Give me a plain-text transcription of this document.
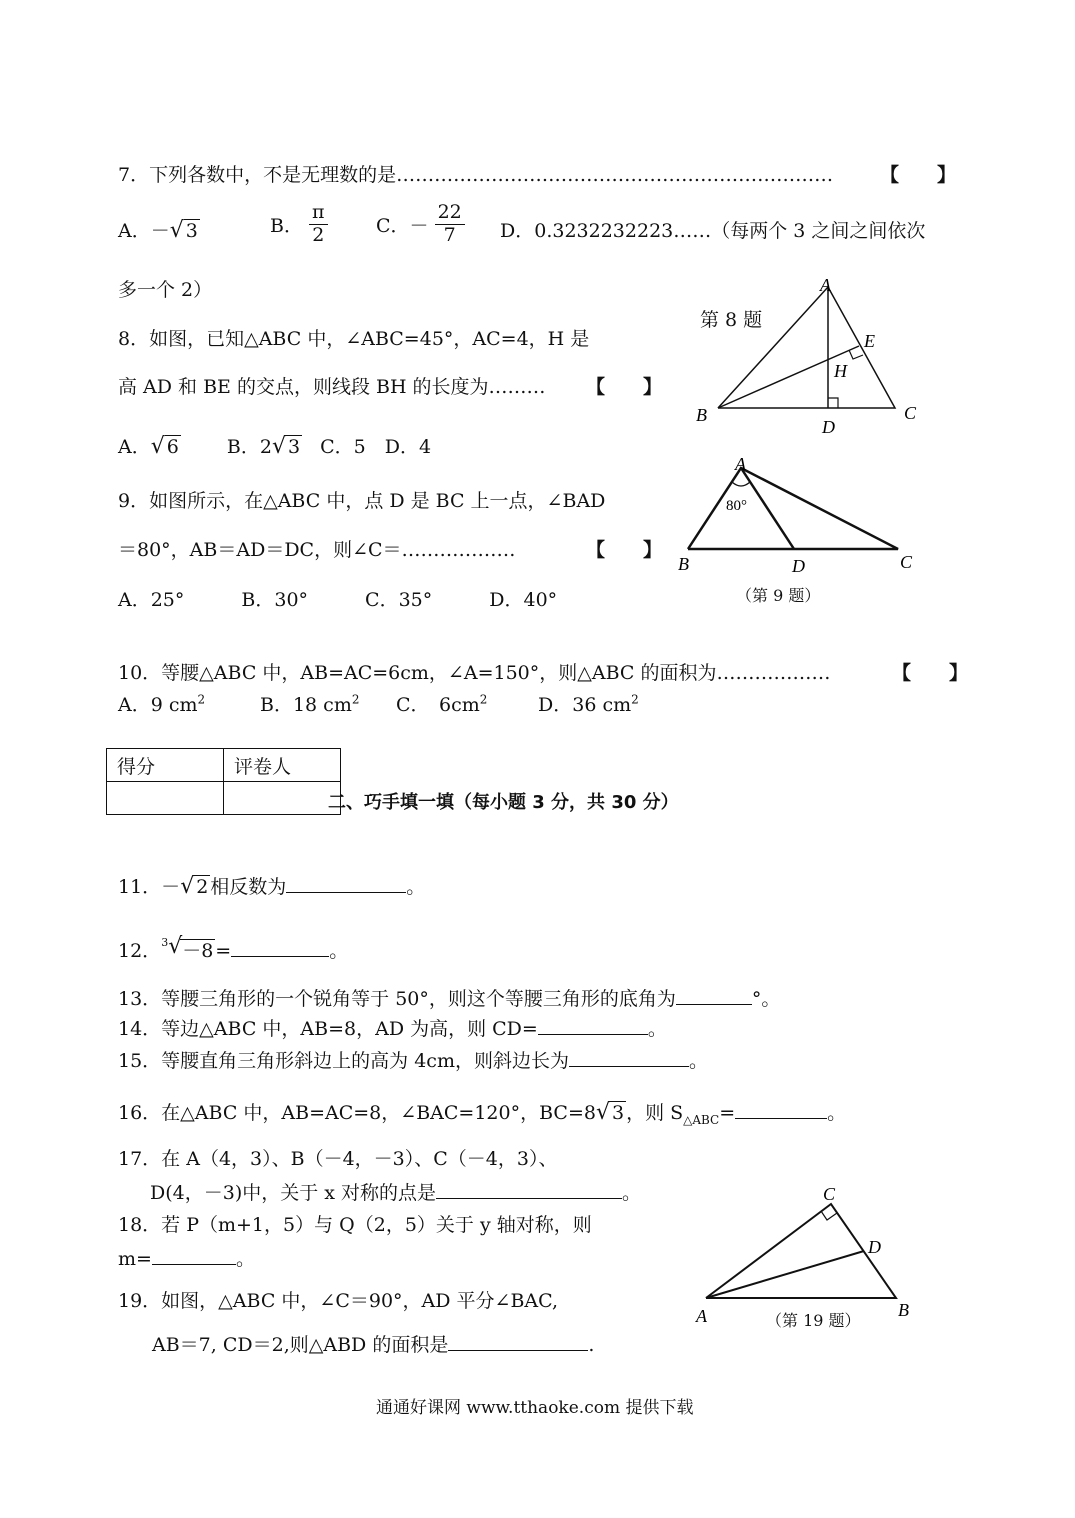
7．下列各数中，不是无理数的是…………………………………………………………… 【　　】
A．－ √ 3	B． $\frac{\pi}{2}$	C．－ $\frac{22}{7}$ D．0.3232232223……（每两个 3 之间之间依次
多一个 2）
8．如图，已知△ABC 中，∠ABC=45°，AC=4，H 是
高 AD 和 BE 的交点，则线段 BH 的长度为……… 【　　】
A． √ 6	B．2 √ 3 C．5　D．4
第 8 题
A
B	C
D
E
H
9．如图所示，在△ABC 中，点 D 是 BC 上一点，∠BAD
＝80°，AB＝AD＝DC，则∠C＝………………	【　　】
A．25°　　　B．30°　　　C．35°　　　D．40°
A
B	C
D
80°
（第 9 题）
10．等腰△ABC 中，AB=AC=6cm，∠A=150°，则△ABC 的面积为………………	【　　】
A．9 $cm^2$	B．18 $cm^2$ C．　$6cm^2$	D．36 $cm^2$
得分	评卷人

二、巧手填一填（每小题 3 分，共 30 分）
11．－ √ 2 相反数为	。
12．$^3$ √ －8 =	。
13．等腰三角形的一个锐角等于 50°，则这个等腰三角形的底角为	°。
14．等边△ABC 中，AB=8，AD 为高，则 CD=	。
15．等腰直角三角形斜边上的高为 4cm，则斜边长为	。
16．在△ABC 中，AB=AC=8，∠BAC=120°，BC=8 √ 3 ，则 $S_{\triangle ABC}=$	。
17．在 A（4，3）、B（－4，－3）、C（－4，3）、
D(4，－3)中，关于 x 对称的点是	。
18．若 P（m+1，5）与 Q（2，5）关于 y 轴对称，则
m=	。
19．如图，△ABC 中，∠C＝90°，AD 平分∠BAC,
AB＝7, CD＝2,则△ABD 的面积是	.
C
D
A	B
（第 19 题）
通通好课网 www.tthaoke.com 提供下载
